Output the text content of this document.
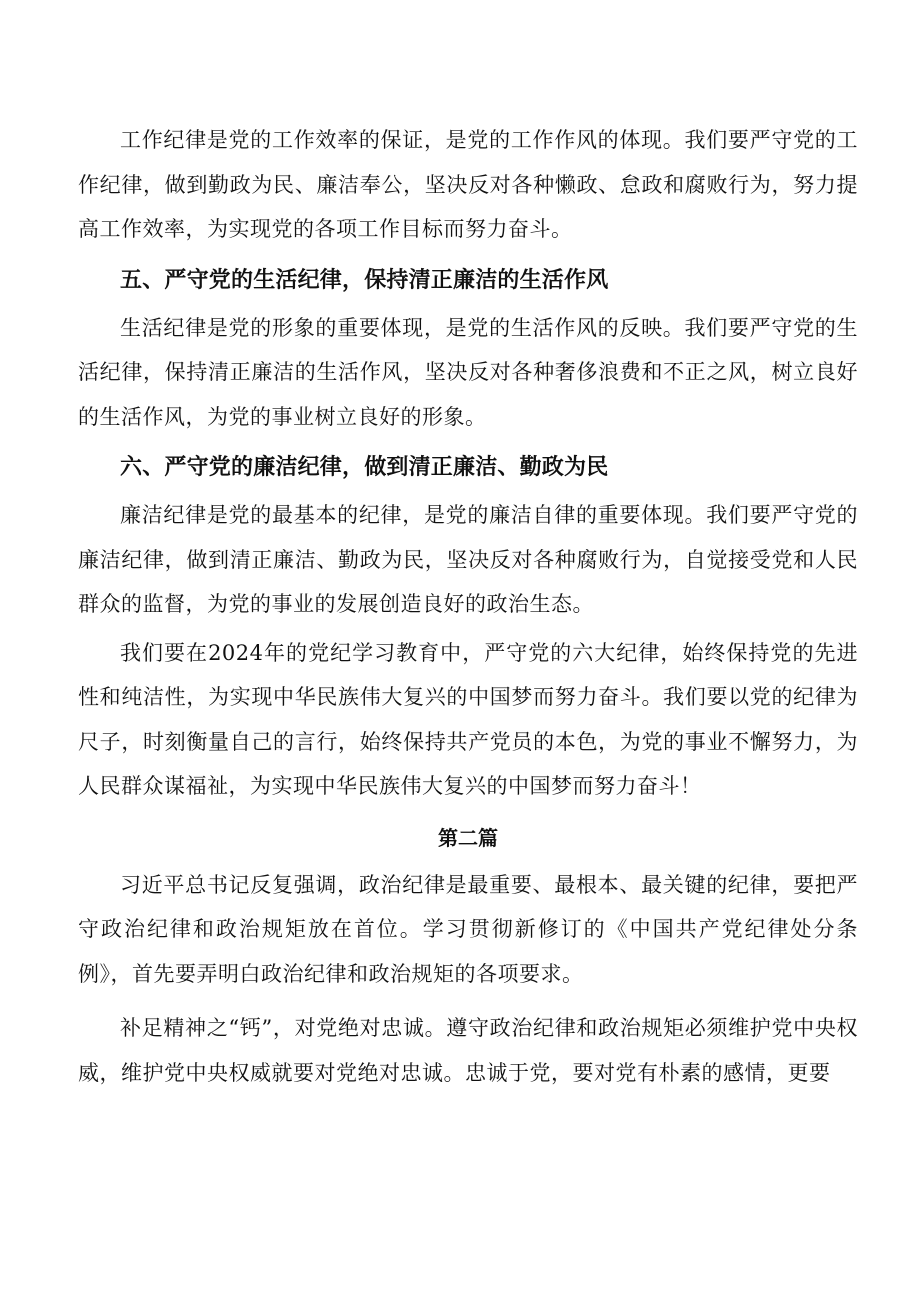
工作纪律是党的工作效率的保证，是党的工作作风的体现。我们要严守党的工作纪律，做到勤政为民、廉洁奉公，坚决反对各种懒政、怠政和腐败行为，努力提高工作效率，为实现党的各项工作目标而努力奋斗。

五、严守党的生活纪律，保持清正廉洁的生活作风

生活纪律是党的形象的重要体现，是党的生活作风的反映。我们要严守党的生活纪律，保持清正廉洁的生活作风，坚决反对各种奢侈浪费和不正之风，树立良好的生活作风，为党的事业树立良好的形象。

六、严守党的廉洁纪律，做到清正廉洁、勤政为民

廉洁纪律是党的最基本的纪律，是党的廉洁自律的重要体现。我们要严守党的廉洁纪律，做到清正廉洁、勤政为民，坚决反对各种腐败行为，自觉接受党和人民群众的监督，为党的事业的发展创造良好的政治生态。

我们要在2024年的党纪学习教育中，严守党的六大纪律，始终保持党的先进性和纯洁性，为实现中华民族伟大复兴的中国梦而努力奋斗。我们要以党的纪律为尺子，时刻衡量自己的言行，始终保持共产党员的本色，为党的事业不懈努力，为人民群众谋福祉，为实现中华民族伟大复兴的中国梦而努力奋斗！

第二篇

习近平总书记反复强调，政治纪律是最重要、最根本、最关键的纪律，要把严守政治纪律和政治规矩放在首位。学习贯彻新修订的《中国共产党纪律处分条例》，首先要弄明白政治纪律和政治规矩的各项要求。

补足精神之“钙”，对党绝对忠诚。遵守政治纪律和政治规矩必须维护党中央权威，维护党中央权威就要对党绝对忠诚。忠诚于党，要对党有朴素的感情，更要
